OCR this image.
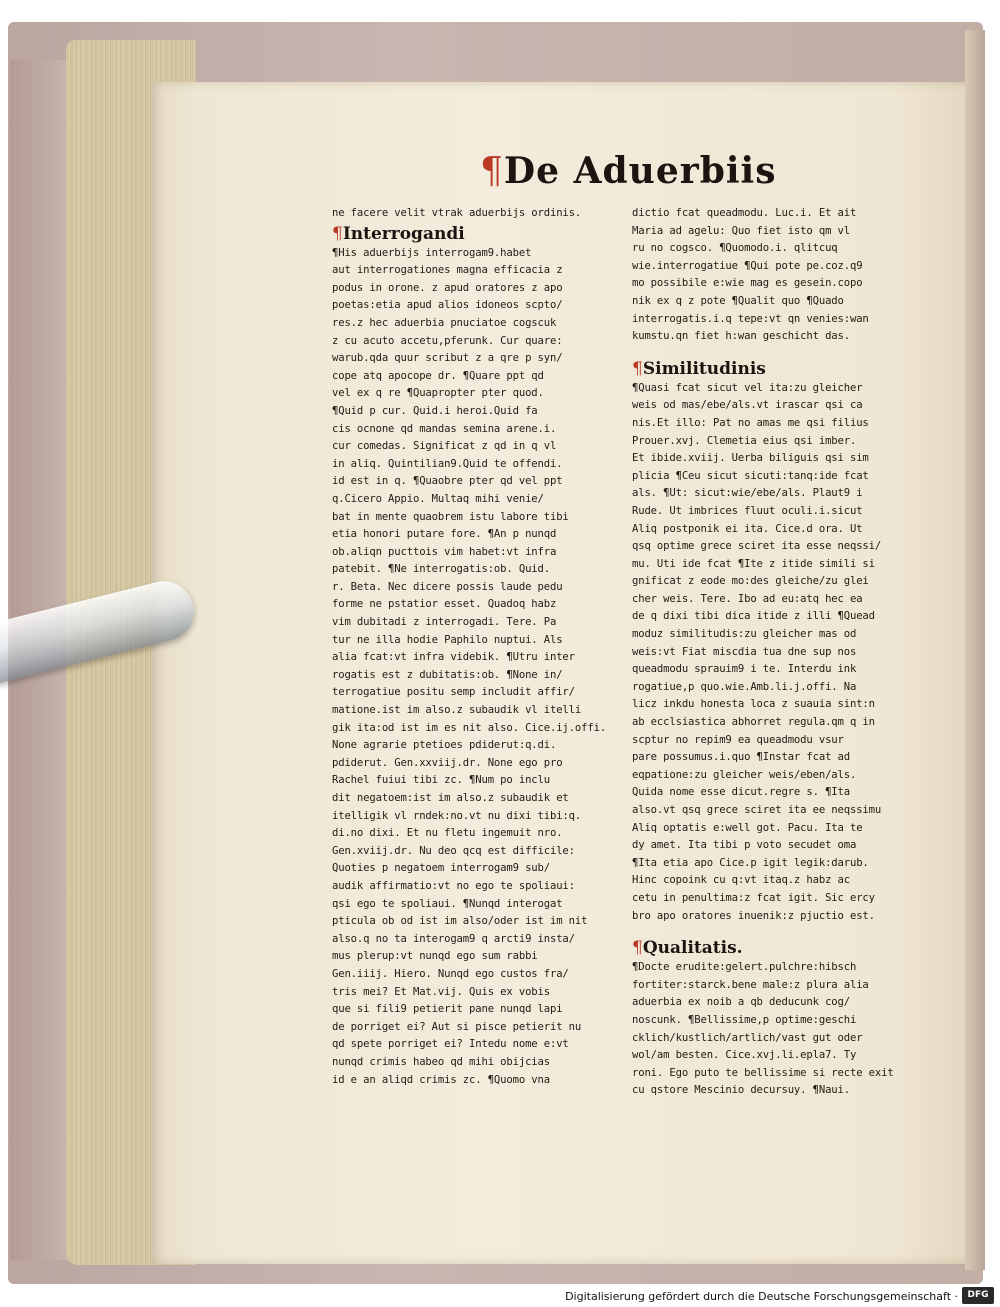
¶De Aduerbiis
ne facere velit vtrak aduerbijs ordinis.
¶Interrogandi
¶His aduerbijs interrogam9.habet
aut interrogationes magna efficacia z
podus in orone. z apud oratores z apo
poetas:etia apud alios idoneos scpto/
res.z hec aduerbia pnuciatoe cogscuk
z cu acuto accetu,pferunk. Cur quare:
warub.qda quur scribut z a qre p syn/
cope atq apocope dr. ¶Quare ppt qd
vel ex q re ¶Quapropter pter quod.
¶Quid p cur. Quid.i heroi.Quid fa
cis ocnone qd mandas semina arene.i.
cur comedas. Significat z qd in q vl
in aliq. Quintilian9.Quid te offendi.
id est in q. ¶Quaobre pter qd vel ppt
q.Cicero Appio. Multaq mihi venie/
bat in mente quaobrem istu labore tibi
etia honori putare fore. ¶An p nunqd
ob.aliqn pucttois vim habet:vt infra
patebit. ¶Ne interrogatis:ob. Quid.
r. Beta. Nec dicere possis laude pedu
forme ne pstatior esset. Quadoq habz
vim dubitadi z interrogadi. Tere. Pa
tur ne illa hodie Paphilo nuptui. Als
alia fcat:vt infra videbik. ¶Utru inter
rogatis est z dubitatis:ob. ¶None in/
terrogatiue positu semp includit affir/
matione.ist im also.z subaudik vl itelli
gik ita:od ist im es nit also. Cice.ij.offi.
None agrarie ptetioes pdiderut:q.di.
pdiderut. Gen.xxviij.dr. None ego pro
Rachel fuiui tibi zc. ¶Num po inclu
dit negatoem:ist im also.z subaudik et
itelligik vl rndek:no.vt nu dixi tibi:q.
di.no dixi. Et nu fletu ingemuit nro.
Gen.xviij.dr. Nu deo qcq est difficile:
Quoties p negatoem interrogam9 sub/
audik affirmatio:vt no ego te spoliaui:
qsi ego te spoliaui. ¶Nunqd interogat
pticula ob od ist im also/oder ist im nit
also.q no ta interogam9 q arcti9 insta/
mus plerup:vt nunqd ego sum rabbi
Gen.iiij. Hiero. Nunqd ego custos fra/
tris mei? Et Mat.vij. Quis ex vobis
que si fili9 petierit pane nunqd lapi
de porriget ei? Aut si pisce petierit nu
qd spete porriget ei? Intedu nome e:vt
nunqd crimis habeo qd mihi obijcias
id e an aliqd crimis zc. ¶Quomo vna
dictio fcat queadmodu. Luc.i. Et ait
Maria ad agelu: Quo fiet isto qm vl
ru no cogsco. ¶Quomodo.i. qlitcuq
wie.interrogatiue ¶Qui pote pe.coz.q9
mo possibile e:wie mag es gesein.copo
nik ex q z pote ¶Qualit quo ¶Quado
interrogatis.i.q tepe:vt qn venies:wan
kumstu.qn fiet h:wan geschicht das.
¶Similitudinis
¶Quasi fcat sicut vel ita:zu gleicher
weis od mas/ebe/als.vt irascar qsi ca
nis.Et illo: Pat no amas me qsi filius
Prouer.xvj. Clemetia eius qsi imber.
Et ibide.xviij. Uerba biliguis qsi sim
plicia ¶Ceu sicut sicuti:tanq:ide fcat
als. ¶Ut: sicut:wie/ebe/als. Plaut9 i
Rude. Ut imbrices fluut oculi.i.sicut
Aliq postponik ei ita. Cice.d ora. Ut
qsq optime grece sciret ita esse neqssi/
mu. Uti ide fcat ¶Ite z itide simili si
gnificat z eode mo:des gleiche/zu glei
cher weis. Tere. Ibo ad eu:atq hec ea
de q dixi tibi dica itide z illi ¶Quead
moduz similitudis:zu gleicher mas od
weis:vt Fiat miscdia tua dne sup nos
queadmodu sprauim9 i te. Interdu ink
rogatiue,p quo.wie.Amb.li.j.offi. Na
licz inkdu honesta loca z suauia sint:n
ab ecclsiastica abhorret regula.qm q in
scptur no repim9 ea queadmodu vsur
pare possumus.i.quo ¶Instar fcat ad
eqpatione:zu gleicher weis/eben/als.
Quida nome esse dicut.regre s. ¶Ita
also.vt qsq grece sciret ita ee neqssimu
Aliq optatis e:well got. Pacu. Ita te
dy amet. Ita tibi p voto secudet oma
¶Ita etia apo Cice.p igit legik:darub.
Hinc copoink cu q:vt itaq.z habz ac
cetu in penultima:z fcat igit. Sic ercy
bro apo oratores inuenik:z pjuctio est.
¶Qualitatis.
¶Docte erudite:gelert.pulchre:hibsch
fortiter:starck.bene male:z plura alia
aduerbia ex noib a qb deducunk cog/
noscunk. ¶Bellissime,p optime:geschi
cklich/kustlich/artlich/vast gut oder
wol/am besten. Cice.xvj.li.epla7. Ty
roni. Ego puto te bellissime si recte exit
cu qstore Mescinio decursuy. ¶Naui.
Digitalisierung gefördert durch die Deutsche Forschungsgemeinschaft ·	DFG
